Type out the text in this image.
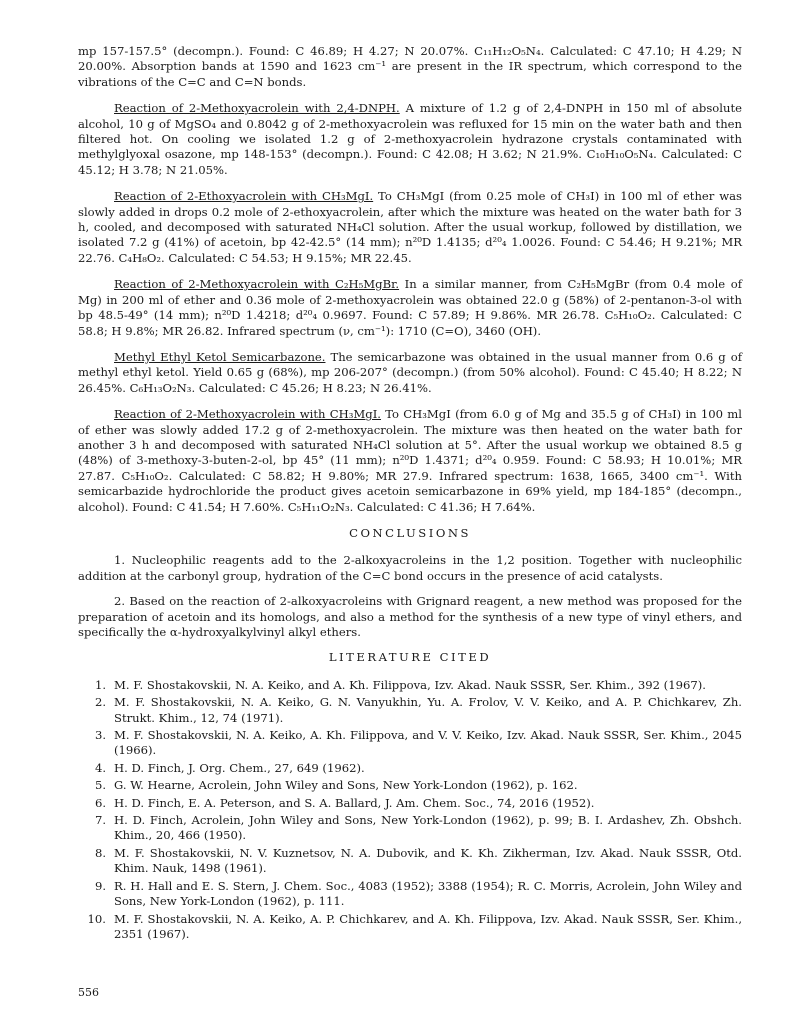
mp 157-157.5° (decompn.). Found: C 46.89; H 4.27; N 20.07%. C₁₁H₁₂O₅N₄. Calculated: C 47.10; H 4.29; N 20.00%. Absorption bands at 1590 and 1623 cm⁻¹ are present in the IR spectrum, which correspond to the vibrations of the C=C and C=N bonds.

Reaction of 2-Methoxyacrolein with 2,4-DNPH. A mixture of 1.2 g of 2,4-DNPH in 150 ml of absolute alcohol, 10 g of MgSO₄ and 0.8042 g of 2-methoxyacrolein was refluxed for 15 min on the water bath and then filtered hot. On cooling we isolated 1.2 g of 2-methoxyacrolein hydrazone crystals contaminated with methylglyoxal osazone, mp 148-153° (decompn.). Found: C 42.08; H 3.62; N 21.9%. C₁₀H₁₀O₅N₄. Calculated: C 45.12; H 3.78; N 21.05%.

Reaction of 2-Ethoxyacrolein with CH₃MgI. To CH₃MgI (from 0.25 mole of CH₃I) in 100 ml of ether was slowly added in drops 0.2 mole of 2-ethoxyacrolein, after which the mixture was heated on the water bath for 3 h, cooled, and decomposed with saturated NH₄Cl solution. After the usual workup, followed by distillation, we isolated 7.2 g (41%) of acetoin, bp 42-42.5° (14 mm); n²⁰D 1.4135; d²⁰₄ 1.0026. Found: C 54.46; H 9.21%; MR 22.76. C₄H₈O₂. Calculated: C 54.53; H 9.15%; MR 22.45.

Reaction of 2-Methoxyacrolein with C₂H₅MgBr. In a similar manner, from C₂H₅MgBr (from 0.4 mole of Mg) in 200 ml of ether and 0.36 mole of 2-methoxyacrolein was obtained 22.0 g (58%) of 2-pentanon-3-ol with bp 48.5-49° (14 mm); n²⁰D 1.4218; d²⁰₄ 0.9697. Found: C 57.89; H 9.86%. MR 26.78. C₅H₁₀O₂. Calculated: C 58.8; H 9.8%; MR 26.82. Infrared spectrum (ν, cm⁻¹): 1710 (C=O), 3460 (OH).

Methyl Ethyl Ketol Semicarbazone. The semicarbazone was obtained in the usual manner from 0.6 g of methyl ethyl ketol. Yield 0.65 g (68%), mp 206-207° (decompn.) (from 50% alcohol). Found: C 45.40; H 8.22; N 26.45%. C₆H₁₃O₂N₃. Calculated: C 45.26; H 8.23; N 26.41%.

Reaction of 2-Methoxyacrolein with CH₃MgI. To CH₃MgI (from 6.0 g of Mg and 35.5 g of CH₃I) in 100 ml of ether was slowly added 17.2 g of 2-methoxyacrolein. The mixture was then heated on the water bath for another 3 h and decomposed with saturated NH₄Cl solution at 5°. After the usual workup we obtained 8.5 g (48%) of 3-methoxy-3-buten-2-ol, bp 45° (11 mm); n²⁰D 1.4371; d²⁰₄ 0.959. Found: C 58.93; H 10.01%; MR 27.87. C₅H₁₀O₂. Calculated: C 58.82; H 9.80%; MR 27.9. Infrared spectrum: 1638, 1665, 3400 cm⁻¹. With semicarbazide hydrochloride the product gives acetoin semicarbazone in 69% yield, mp 184-185° (decompn., alcohol). Found: C 41.54; H 7.60%. C₅H₁₁O₂N₃. Calculated: C 41.36; H 7.64%.

CONCLUSIONS

1. Nucleophilic reagents add to the 2-alkoxyacroleins in the 1,2 position. Together with nucleophilic addition at the carbonyl group, hydration of the C=C bond occurs in the presence of acid catalysts.

2. Based on the reaction of 2-alkoxyacroleins with Grignard reagent, a new method was proposed for the preparation of acetoin and its homologs, and also a method for the synthesis of a new type of vinyl ethers, and specifically the α-hydroxyalkylvinyl alkyl ethers.

LITERATURE CITED
1. M. F. Shostakovskii, N. A. Keiko, and A. Kh. Filippova, Izv. Akad. Nauk SSSR, Ser. Khim., 392 (1967).
2. M. F. Shostakovskii, N. A. Keiko, G. N. Vanyukhin, Yu. A. Frolov, V. V. Keiko, and A. P. Chichkarev, Zh. Strukt. Khim., 12, 74 (1971).
3. M. F. Shostakovskii, N. A. Keiko, A. Kh. Filippova, and V. V. Keiko, Izv. Akad. Nauk SSSR, Ser. Khim., 2045 (1966).
4. H. D. Finch, J. Org. Chem., 27, 649 (1962).
5. G. W. Hearne, Acrolein, John Wiley and Sons, New York-London (1962), p. 162.
6. H. D. Finch, E. A. Peterson, and S. A. Ballard, J. Am. Chem. Soc., 74, 2016 (1952).
7. H. D. Finch, Acrolein, John Wiley and Sons, New York-London (1962), p. 99; B. I. Ardashev, Zh. Obshch. Khim., 20, 466 (1950).
8. M. F. Shostakovskii, N. V. Kuznetsov, N. A. Dubovik, and K. Kh. Zikherman, Izv. Akad. Nauk SSSR, Otd. Khim. Nauk, 1498 (1961).
9. R. H. Hall and E. S. Stern, J. Chem. Soc., 4083 (1952); 3388 (1954); R. C. Morris, Acrolein, John Wiley and Sons, New York-London (1962), p. 111.
10. M. F. Shostakovskii, N. A. Keiko, A. P. Chichkarev, and A. Kh. Filippova, Izv. Akad. Nauk SSSR, Ser. Khim., 2351 (1967).
556
